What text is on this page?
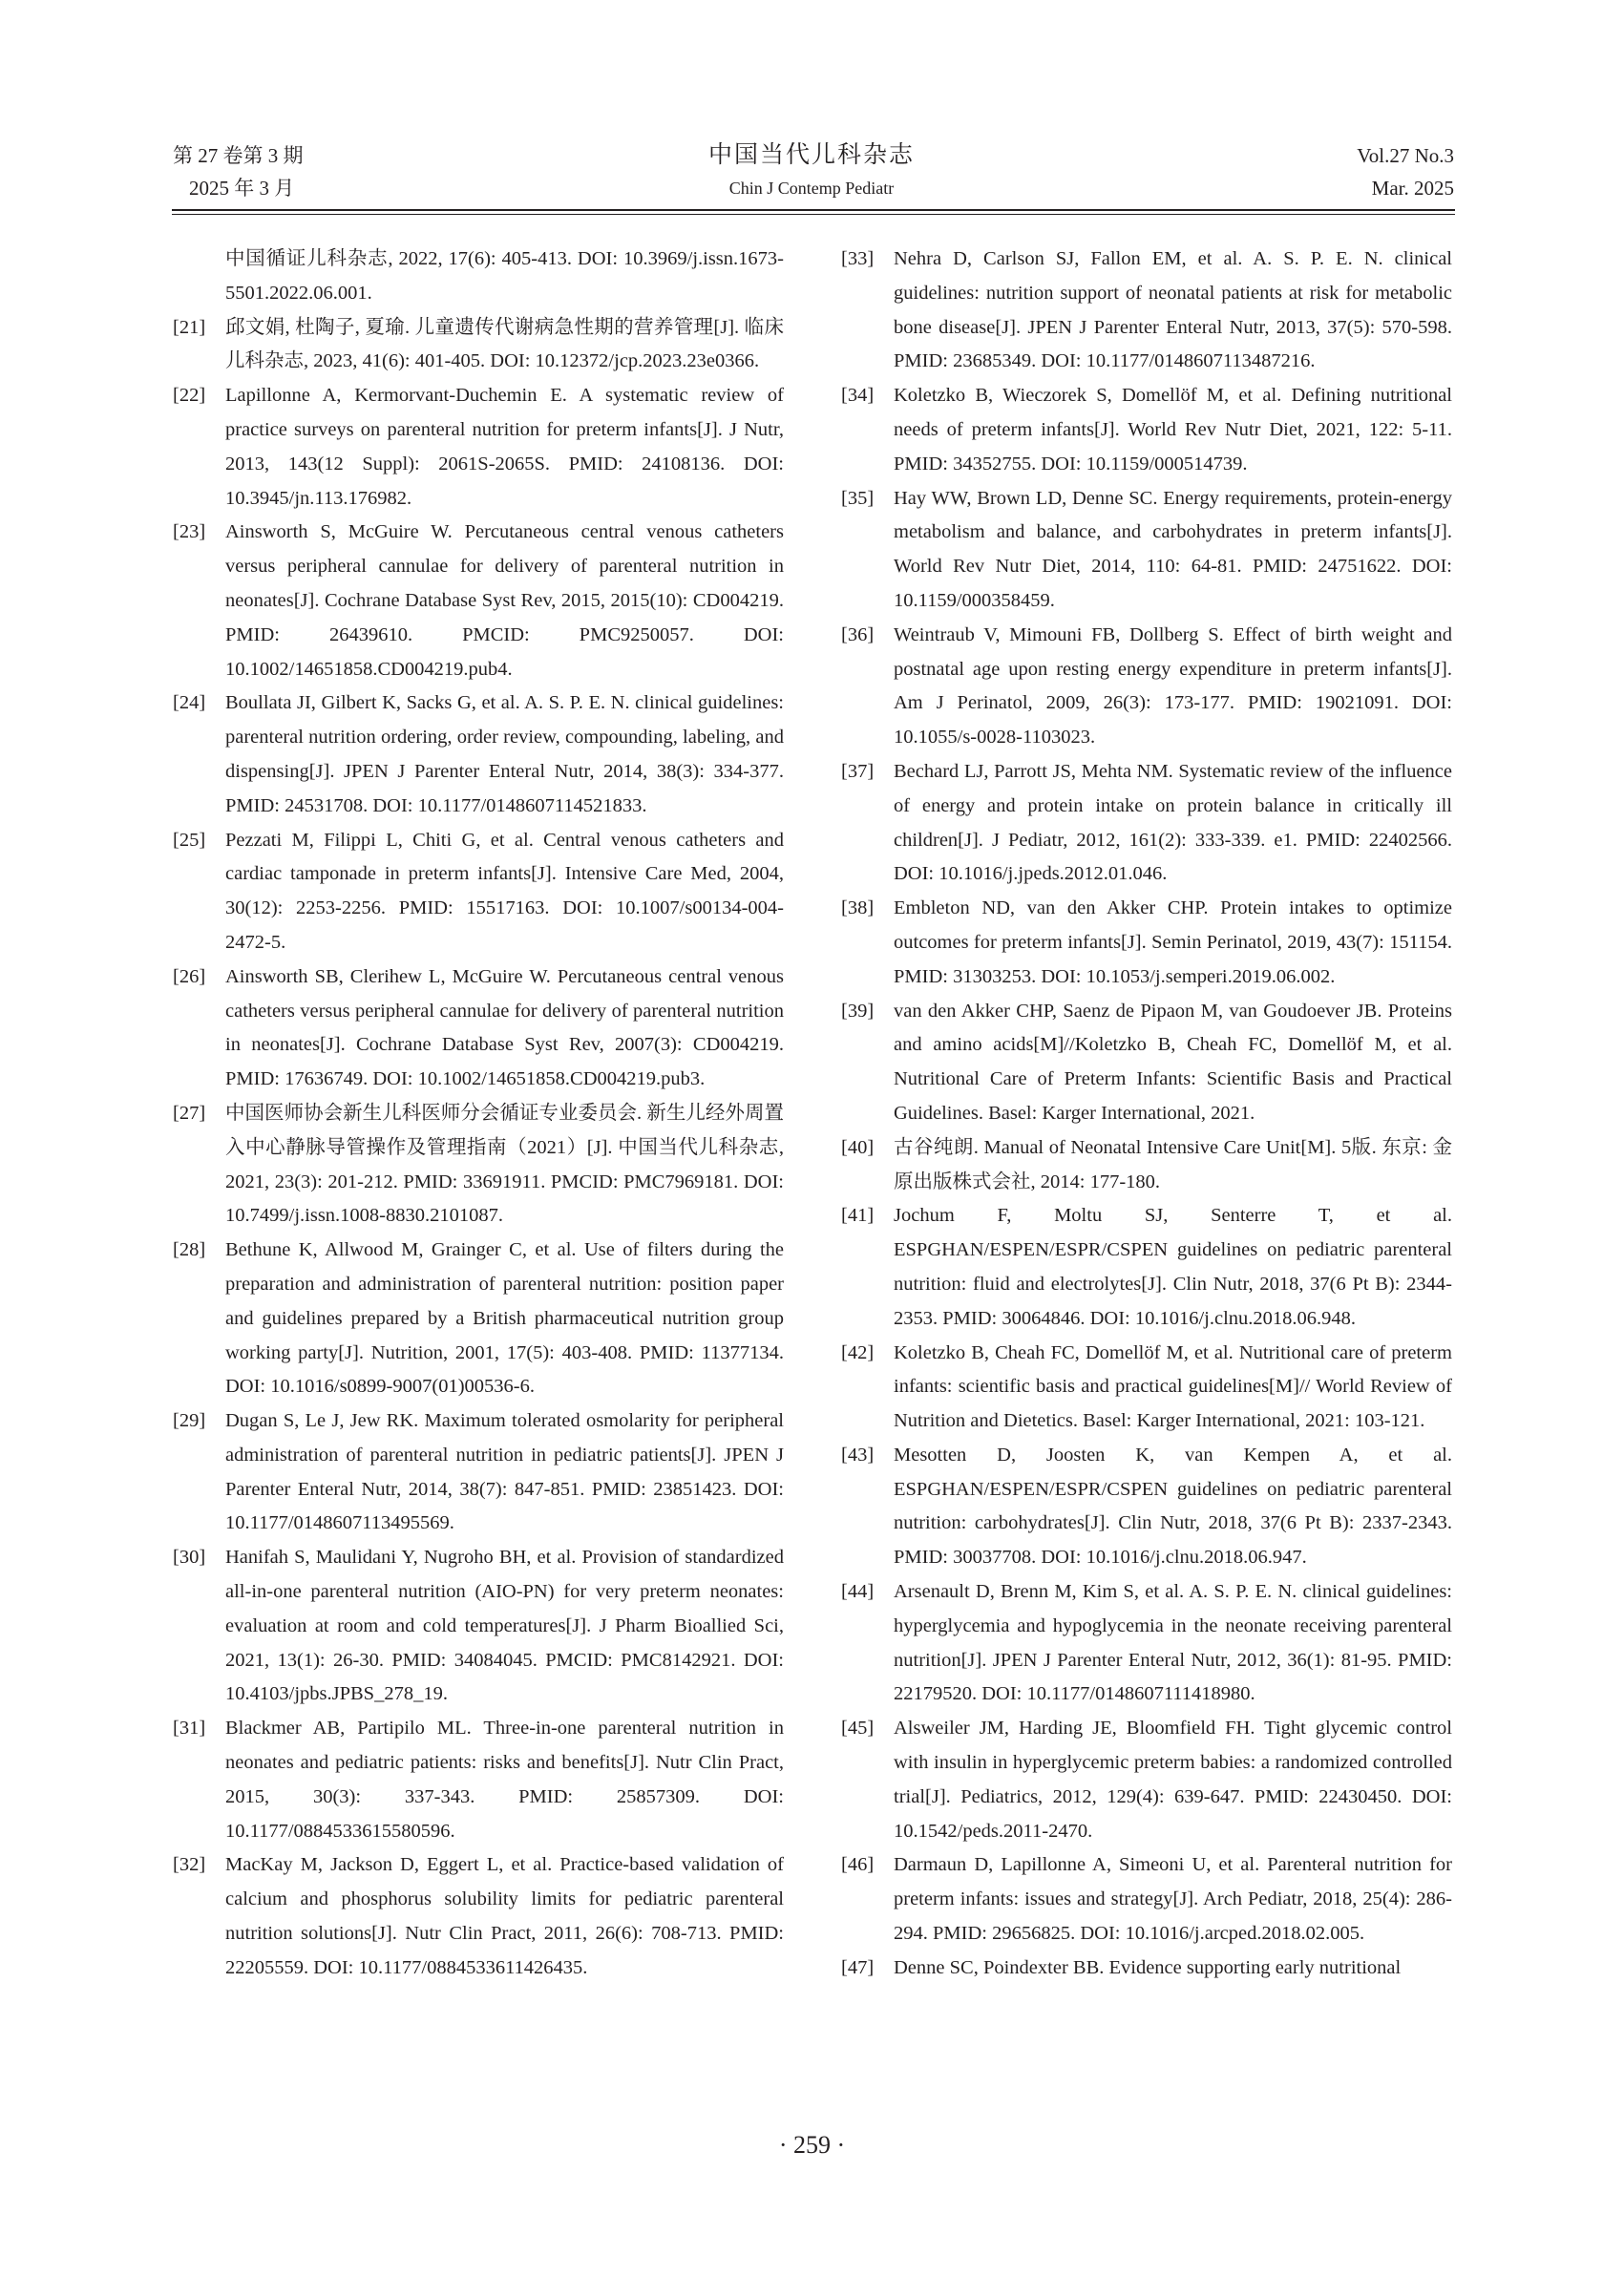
第 27 卷第 3 期
2025 年 3 月
中国当代儿科杂志
Chin J Contemp Pediatr
Vol.27 No.3
Mar. 2025
中国循证儿科杂志, 2022, 17(6): 405-413. DOI: 10.3969/j.issn.1673-5501.2022.06.001.
[21] 邱文娟, 杜陶子, 夏瑜. 儿童遗传代谢病急性期的营养管理[J]. 临床儿科杂志, 2023, 41(6): 401-405. DOI: 10.12372/jcp.2023.23e0366.
[22] Lapillonne A, Kermorvant-Duchemin E. A systematic review of practice surveys on parenteral nutrition for preterm infants[J]. J Nutr, 2013, 143(12 Suppl): 2061S-2065S. PMID: 24108136. DOI: 10.3945/jn.113.176982.
[23] Ainsworth S, McGuire W. Percutaneous central venous catheters versus peripheral cannulae for delivery of parenteral nutrition in neonates[J]. Cochrane Database Syst Rev, 2015, 2015(10): CD004219. PMID: 26439610. PMCID: PMC9250057. DOI: 10.1002/14651858.CD004219.pub4.
[24] Boullata JI, Gilbert K, Sacks G, et al. A. S. P. E. N. clinical guidelines: parenteral nutrition ordering, order review, compounding, labeling, and dispensing[J]. JPEN J Parenter Enteral Nutr, 2014, 38(3): 334-377. PMID: 24531708. DOI: 10.1177/0148607114521833.
[25] Pezzati M, Filippi L, Chiti G, et al. Central venous catheters and cardiac tamponade in preterm infants[J]. Intensive Care Med, 2004, 30(12): 2253-2256. PMID: 15517163. DOI: 10.1007/s00134-004-2472-5.
[26] Ainsworth SB, Clerihew L, McGuire W. Percutaneous central venous catheters versus peripheral cannulae for delivery of parenteral nutrition in neonates[J]. Cochrane Database Syst Rev, 2007(3): CD004219. PMID: 17636749. DOI: 10.1002/14651858.CD004219.pub3.
[27] 中国医师协会新生儿科医师分会循证专业委员会. 新生儿经外周置入中心静脉导管操作及管理指南（2021）[J]. 中国当代儿科杂志, 2021, 23(3): 201-212. PMID: 33691911. PMCID: PMC7969181. DOI: 10.7499/j.issn.1008-8830.2101087.
[28] Bethune K, Allwood M, Grainger C, et al. Use of filters during the preparation and administration of parenteral nutrition: position paper and guidelines prepared by a British pharmaceutical nutrition group working party[J]. Nutrition, 2001, 17(5): 403-408. PMID: 11377134. DOI: 10.1016/s0899-9007(01)00536-6.
[29] Dugan S, Le J, Jew RK. Maximum tolerated osmolarity for peripheral administration of parenteral nutrition in pediatric patients[J]. JPEN J Parenter Enteral Nutr, 2014, 38(7): 847-851. PMID: 23851423. DOI: 10.1177/0148607113495569.
[30] Hanifah S, Maulidani Y, Nugroho BH, et al. Provision of standardized all-in-one parenteral nutrition (AIO-PN) for very preterm neonates: evaluation at room and cold temperatures[J]. J Pharm Bioallied Sci, 2021, 13(1): 26-30. PMID: 34084045. PMCID: PMC8142921. DOI: 10.4103/jpbs.JPBS_278_19.
[31] Blackmer AB, Partipilo ML. Three-in-one parenteral nutrition in neonates and pediatric patients: risks and benefits[J]. Nutr Clin Pract, 2015, 30(3): 337-343. PMID: 25857309. DOI: 10.1177/0884533615580596.
[32] MacKay M, Jackson D, Eggert L, et al. Practice-based validation of calcium and phosphorus solubility limits for pediatric parenteral nutrition solutions[J]. Nutr Clin Pract, 2011, 26(6): 708-713. PMID: 22205559. DOI: 10.1177/0884533611426435.
[33] Nehra D, Carlson SJ, Fallon EM, et al. A. S. P. E. N. clinical guidelines: nutrition support of neonatal patients at risk for metabolic bone disease[J]. JPEN J Parenter Enteral Nutr, 2013, 37(5): 570-598. PMID: 23685349. DOI: 10.1177/0148607113487216.
[34] Koletzko B, Wieczorek S, Domellöf M, et al. Defining nutritional needs of preterm infants[J]. World Rev Nutr Diet, 2021, 122: 5-11. PMID: 34352755. DOI: 10.1159/000514739.
[35] Hay WW, Brown LD, Denne SC. Energy requirements, protein-energy metabolism and balance, and carbohydrates in preterm infants[J]. World Rev Nutr Diet, 2014, 110: 64-81. PMID: 24751622. DOI: 10.1159/000358459.
[36] Weintraub V, Mimouni FB, Dollberg S. Effect of birth weight and postnatal age upon resting energy expenditure in preterm infants[J]. Am J Perinatol, 2009, 26(3): 173-177. PMID: 19021091. DOI: 10.1055/s-0028-1103023.
[37] Bechard LJ, Parrott JS, Mehta NM. Systematic review of the influence of energy and protein intake on protein balance in critically ill children[J]. J Pediatr, 2012, 161(2): 333-339. e1. PMID: 22402566. DOI: 10.1016/j.jpeds.2012.01.046.
[38] Embleton ND, van den Akker CHP. Protein intakes to optimize outcomes for preterm infants[J]. Semin Perinatol, 2019, 43(7): 151154. PMID: 31303253. DOI: 10.1053/j.semperi.2019.06.002.
[39] van den Akker CHP, Saenz de Pipaon M, van Goudoever JB. Proteins and amino acids[M]//Koletzko B, Cheah FC, Domellöf M, et al. Nutritional Care of Preterm Infants: Scientific Basis and Practical Guidelines. Basel: Karger International, 2021.
[40] 古谷纯朗. Manual of Neonatal Intensive Care Unit[M]. 5版. 东京: 金原出版株式会社, 2014: 177-180.
[41] Jochum F, Moltu SJ, Senterre T, et al. ESPGHAN/ESPEN/ESPR/CSPEN guidelines on pediatric parenteral nutrition: fluid and electrolytes[J]. Clin Nutr, 2018, 37(6 Pt B): 2344-2353. PMID: 30064846. DOI: 10.1016/j.clnu.2018.06.948.
[42] Koletzko B, Cheah FC, Domellöf M, et al. Nutritional care of preterm infants: scientific basis and practical guidelines[M]// World Review of Nutrition and Dietetics. Basel: Karger International, 2021: 103-121.
[43] Mesotten D, Joosten K, van Kempen A, et al. ESPGHAN/ESPEN/ESPR/CSPEN guidelines on pediatric parenteral nutrition: carbohydrates[J]. Clin Nutr, 2018, 37(6 Pt B): 2337-2343. PMID: 30037708. DOI: 10.1016/j.clnu.2018.06.947.
[44] Arsenault D, Brenn M, Kim S, et al. A. S. P. E. N. clinical guidelines: hyperglycemia and hypoglycemia in the neonate receiving parenteral nutrition[J]. JPEN J Parenter Enteral Nutr, 2012, 36(1): 81-95. PMID: 22179520. DOI: 10.1177/0148607111418980.
[45] Alsweiler JM, Harding JE, Bloomfield FH. Tight glycemic control with insulin in hyperglycemic preterm babies: a randomized controlled trial[J]. Pediatrics, 2012, 129(4): 639-647. PMID: 22430450. DOI: 10.1542/peds.2011-2470.
[46] Darmaun D, Lapillonne A, Simeoni U, et al. Parenteral nutrition for preterm infants: issues and strategy[J]. Arch Pediatr, 2018, 25(4): 286-294. PMID: 29656825. DOI: 10.1016/j.arcped.2018.02.005.
[47] Denne SC, Poindexter BB. Evidence supporting early nutritional
· 259 ·
